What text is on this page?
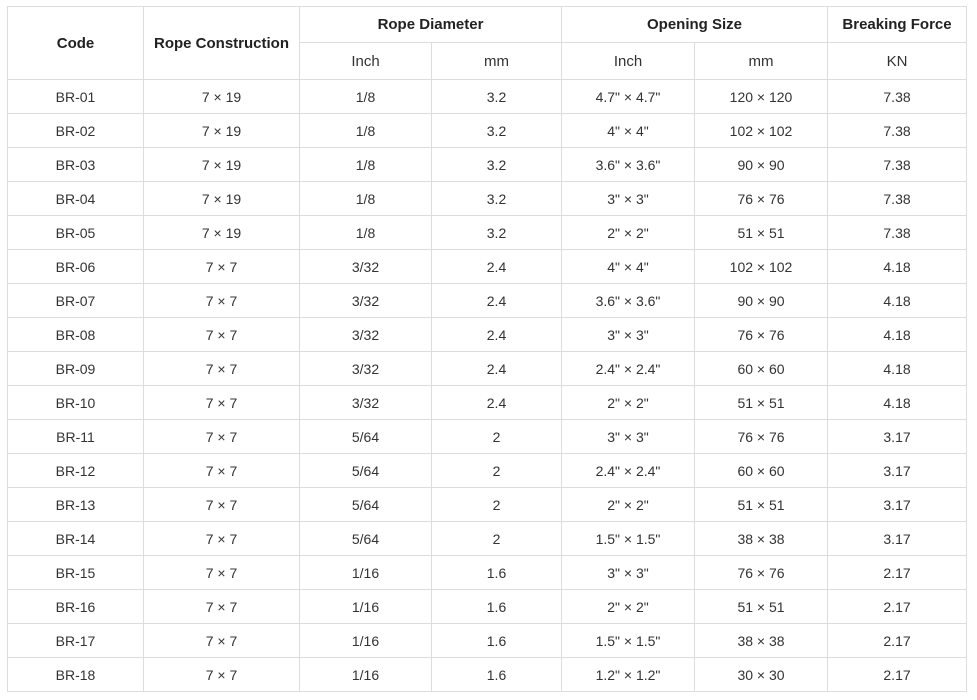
Code	Rope Construction	Rope Diameter		Opening Size		Breaking Force
		Inch	mm	Inch	mm	KN
BR-01	7 × 19	1/8	3.2	4.7" × 4.7"	120 × 120	7.38
BR-02	7 × 19	1/8	3.2	4" × 4"	102 × 102	7.38
BR-03	7 × 19	1/8	3.2	3.6" × 3.6"	90 × 90	7.38
BR-04	7 × 19	1/8	3.2	3" × 3"	76 × 76	7.38
BR-05	7 × 19	1/8	3.2	2" × 2"	51 × 51	7.38
BR-06	7 × 7	3/32	2.4	4" × 4"	102 × 102	4.18
BR-07	7 × 7	3/32	2.4	3.6" × 3.6"	90 × 90	4.18
BR-08	7 × 7	3/32	2.4	3" × 3"	76 × 76	4.18
BR-09	7 × 7	3/32	2.4	2.4" × 2.4"	60 × 60	4.18
BR-10	7 × 7	3/32	2.4	2" × 2"	51 × 51	4.18
BR-11	7 × 7	5/64	2	3" × 3"	76 × 76	3.17
BR-12	7 × 7	5/64	2	2.4" × 2.4"	60 × 60	3.17
BR-13	7 × 7	5/64	2	2" × 2"	51 × 51	3.17
BR-14	7 × 7	5/64	2	1.5" × 1.5"	38 × 38	3.17
BR-15	7 × 7	1/16	1.6	3" × 3"	76 × 76	2.17
BR-16	7 × 7	1/16	1.6	2" × 2"	51 × 51	2.17
BR-17	7 × 7	1/16	1.6	1.5" × 1.5"	38 × 38	2.17
BR-18	7 × 7	1/16	1.6	1.2" × 1.2"	30 × 30	2.17
